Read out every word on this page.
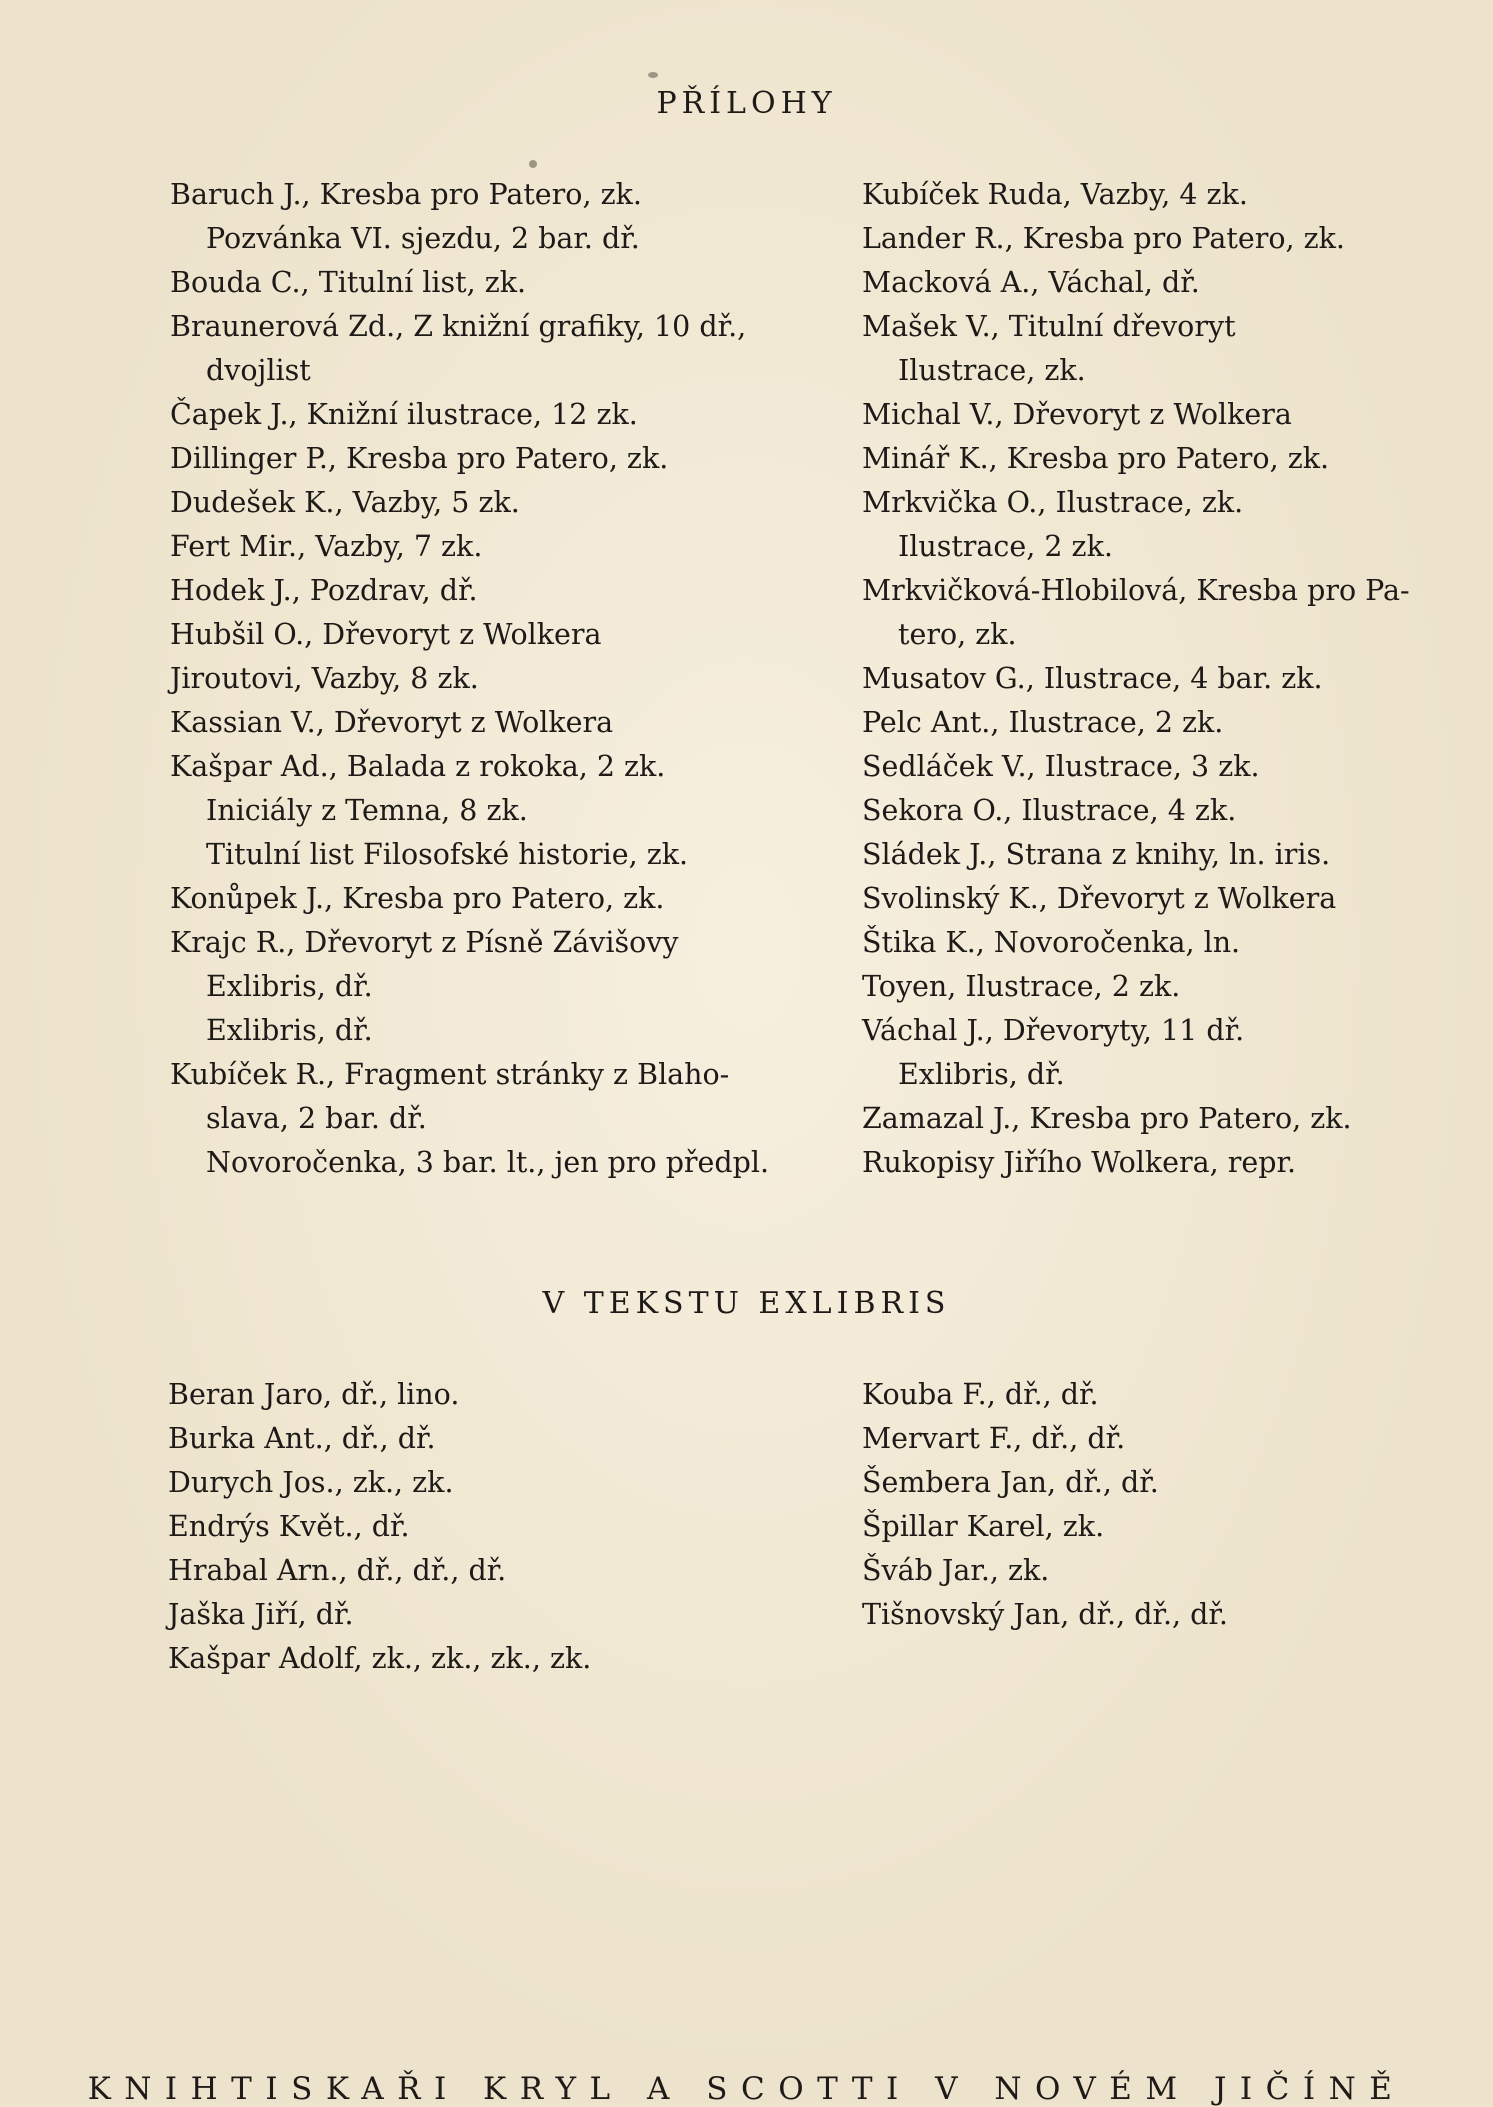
PŘÍLOHY
Baruch J., Kresba pro Patero, zk.
Pozvánka VI. sjezdu, 2 bar. dř.
Bouda C., Titulní list, zk.
Braunerová Zd., Z knižní grafiky, 10 dř.,
dvojlist
Čapek J., Knižní ilustrace, 12 zk.
Dillinger P., Kresba pro Patero, zk.
Dudešek K., Vazby, 5 zk.
Fert Mir., Vazby, 7 zk.
Hodek J., Pozdrav, dř.
Hubšil O., Dřevoryt z Wolkera
Jiroutovi, Vazby, 8 zk.
Kassian V., Dřevoryt z Wolkera
Kašpar Ad., Balada z rokoka, 2 zk.
Iniciály z Temna, 8 zk.
Titulní list Filosofské historie, zk.
Konůpek J., Kresba pro Patero, zk.
Krajc R., Dřevoryt z Písně Závišovy
Exlibris, dř.
Exlibris, dř.
Kubíček R., Fragment stránky z Blaho-
slava, 2 bar. dř.
Novoročenka, 3 bar. lt., jen pro předpl.
Kubíček Ruda, Vazby, 4 zk.
Lander R., Kresba pro Patero, zk.
Macková A., Váchal, dř.
Mašek V., Titulní dřevoryt
Ilustrace, zk.
Michal V., Dřevoryt z Wolkera
Minář K., Kresba pro Patero, zk.
Mrkvička O., Ilustrace, zk.
Ilustrace, 2 zk.
Mrkvičková-Hlobilová, Kresba pro Pa-
tero, zk.
Musatov G., Ilustrace, 4 bar. zk.
Pelc Ant., Ilustrace, 2 zk.
Sedláček V., Ilustrace, 3 zk.
Sekora O., Ilustrace, 4 zk.
Sládek J., Strana z knihy, ln. iris.
Svolinský K., Dřevoryt z Wolkera
Štika K., Novoročenka, ln.
Toyen, Ilustrace, 2 zk.
Váchal J., Dřevoryty, 11 dř.
Exlibris, dř.
Zamazal J., Kresba pro Patero, zk.
Rukopisy Jiřího Wolkera, repr.
V TEKSTU EXLIBRIS
Beran Jaro, dř., lino.
Burka Ant., dř., dř.
Durych Jos., zk., zk.
Endrýs Květ., dř.
Hrabal Arn., dř., dř., dř.
Jaška Jiří, dř.
Kašpar Adolf, zk., zk., zk., zk.
Kouba F., dř., dř.
Mervart F., dř., dř.
Šembera Jan, dř., dř.
Špillar Karel, zk.
Šváb Jar., zk.
Tišnovský Jan, dř., dř., dř.
KNIHTISKAŘI KRYL A SCOTTI V NOVÉM JIČÍNĚ
